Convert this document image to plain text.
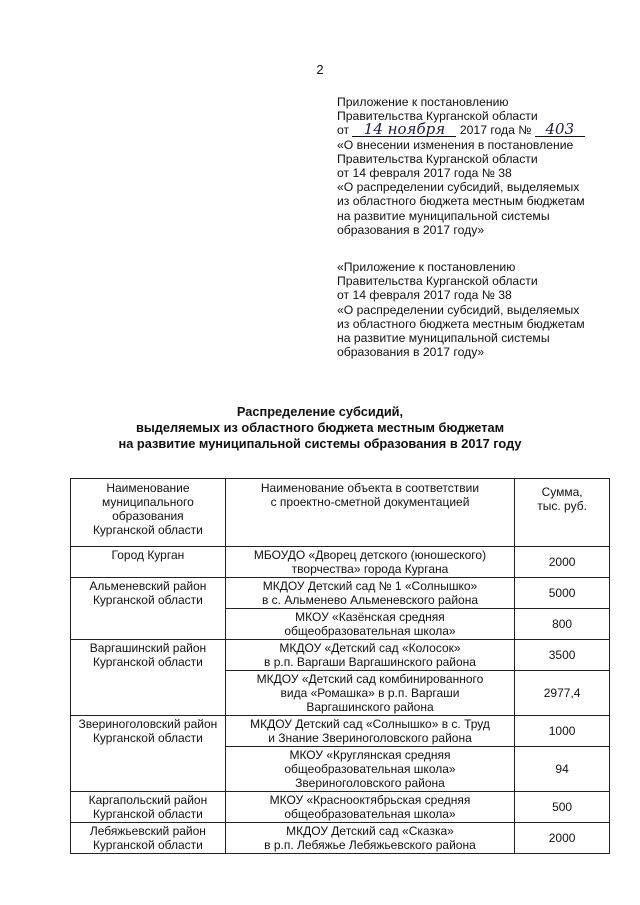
2
Приложение к постановлению
Правительства Курганской области
от 14 ноября 2017 года № 403
«О внесении изменения в постановление
Правительства Курганской области
от 14 февраля 2017 года № 38
«О распределении субсидий, выделяемых
из областного бюджета местным бюджетам
на развитие муниципальной системы
образования в 2017 году»
«Приложение к постановлению
Правительства Курганской области
от 14 февраля 2017 года № 38
«О распределении субсидий, выделяемых
из областного бюджета местным бюджетам
на развитие муниципальной системы
образования в 2017 году»
Распределение субсидий,
выделяемых из областного бюджета местным бюджетам
на развитие муниципальной системы образования в 2017 году
Наименование
муниципального
образования
Курганской области	Наименование объекта в соответствии
с проектно-сметной документацией	Сумма,
тыс. руб.

Город Курган	МБОУДО «Дворец детского (юношеского)
творчества» города Кургана	2000

Альменевский район
Курганской области	МКДОУ Детский сад № 1 «Солнышко»
в с. Альменево Альменевского района	5000

	МКОУ «Казёнская средняя
общеобразовательная школа»	800

Варгашинский район
Курганской области	МКДОУ «Детский сад «Колосок»
в р.п. Варгаши Варгашинского района	3500

	МКДОУ «Детский сад комбинированного
вида «Ромашка» в р.п. Варгаши
Варгашинского района	2977,4

Звериноголовский район
Курганской области	МКДОУ Детский сад «Солнышко» в с. Труд
и Знание Звериноголовского района	1000

	МКОУ «Круглянская средняя
общеобразовательная школа»
Звериноголовского района	94

Каргапольский район
Курганской области	МКОУ «Краснооктябрьская средняя
общеобразовательная школа»	500

Лебяжьевский район
Курганской области	МКДОУ Детский сад «Сказка»
в р.п. Лебяжье Лебяжьевского района	2000
